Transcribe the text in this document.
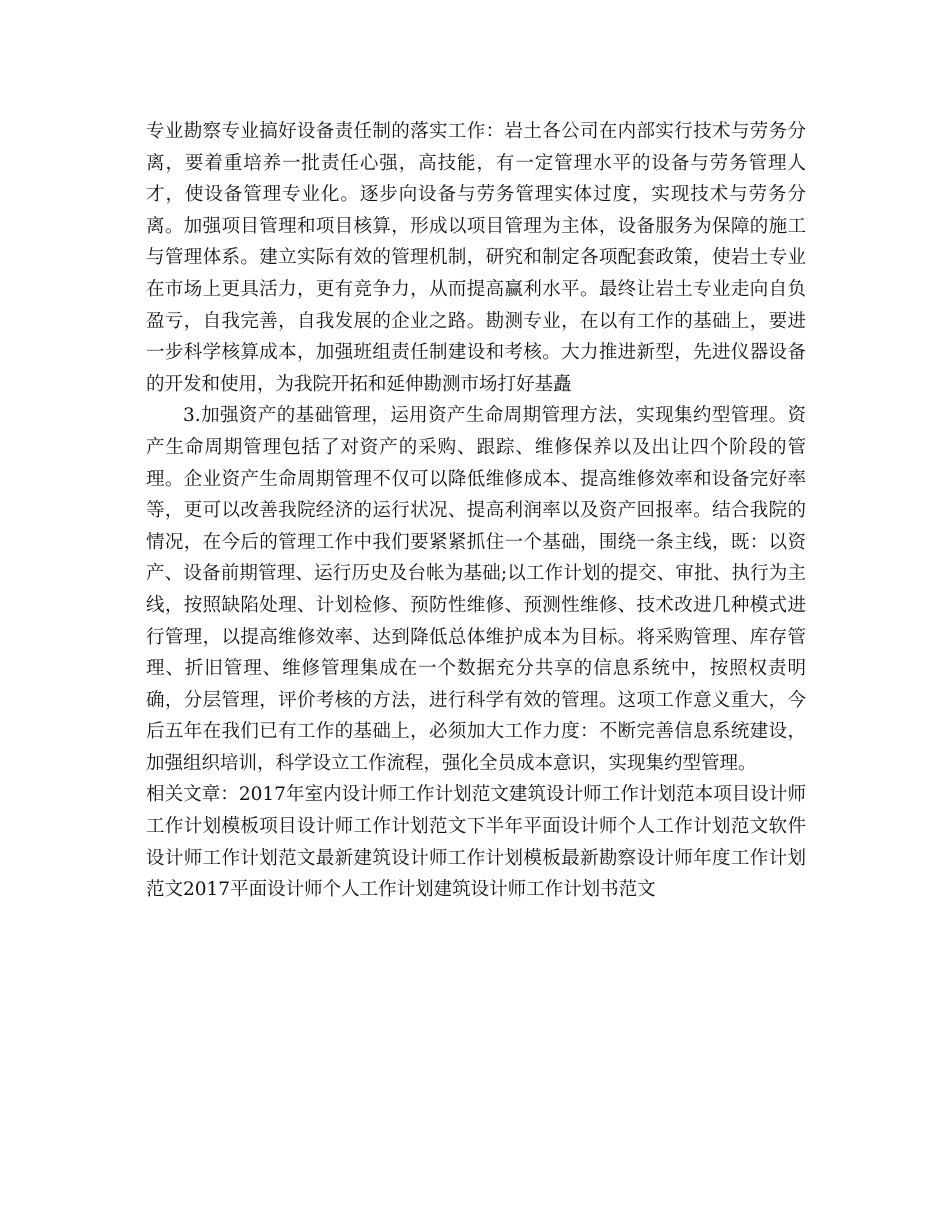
专业勘察专业搞好设备责任制的落实工作：岩土各公司在内部实行技术与劳务分离，要着重培养一批责任心强，高技能，有一定管理水平的设备与劳务管理人才，使设备管理专业化。逐步向设备与劳务管理实体过度，实现技术与劳务分离。加强项目管理和项目核算，形成以项目管理为主体，设备服务为保障的施工与管理体系。建立实际有效的管理机制，研究和制定各项配套政策，使岩土专业在市场上更具活力，更有竞争力，从而提高赢利水平。最终让岩土专业走向自负盈亏，自我完善，自我发展的企业之路。勘测专业，在以有工作的基础上，要进一步科学核算成本，加强班组责任制建设和考核。大力推进新型，先进仪器设备的开发和使用，为我院开拓和延伸勘测市场打好基矗

3.加强资产的基础管理，运用资产生命周期管理方法，实现集约型管理。资产生命周期管理包括了对资产的采购、跟踪、维修保养以及出让四个阶段的管理。企业资产生命周期管理不仅可以降低维修成本、提高维修效率和设备完好率等，更可以改善我院经济的运行状况、提高利润率以及资产回报率。结合我院的情况，在今后的管理工作中我们要紧紧抓住一个基础，围绕一条主线，既：以资产、设备前期管理、运行历史及台帐为基础;以工作计划的提交、审批、执行为主线，按照缺陷处理、计划检修、预防性维修、预测性维修、技术改进几种模式进行管理，以提高维修效率、达到降低总体维护成本为目标。将采购管理、库存管理、折旧管理、维修管理集成在一个数据充分共享的信息系统中，按照权责明确，分层管理，评价考核的方法，进行科学有效的管理。这项工作意义重大，今后五年在我们已有工作的基础上，必须加大工作力度：不断完善信息系统建设，加强组织培训，科学设立工作流程，强化全员成本意识，实现集约型管理。

相关文章：2017年室内设计师工作计划范文建筑设计师工作计划范本项目设计师工作计划模板项目设计师工作计划范文下半年平面设计师个人工作计划范文软件设计师工作计划范文最新建筑设计师工作计划模板最新勘察设计师年度工作计划范文2017平面设计师个人工作计划建筑设计师工作计划书范文
